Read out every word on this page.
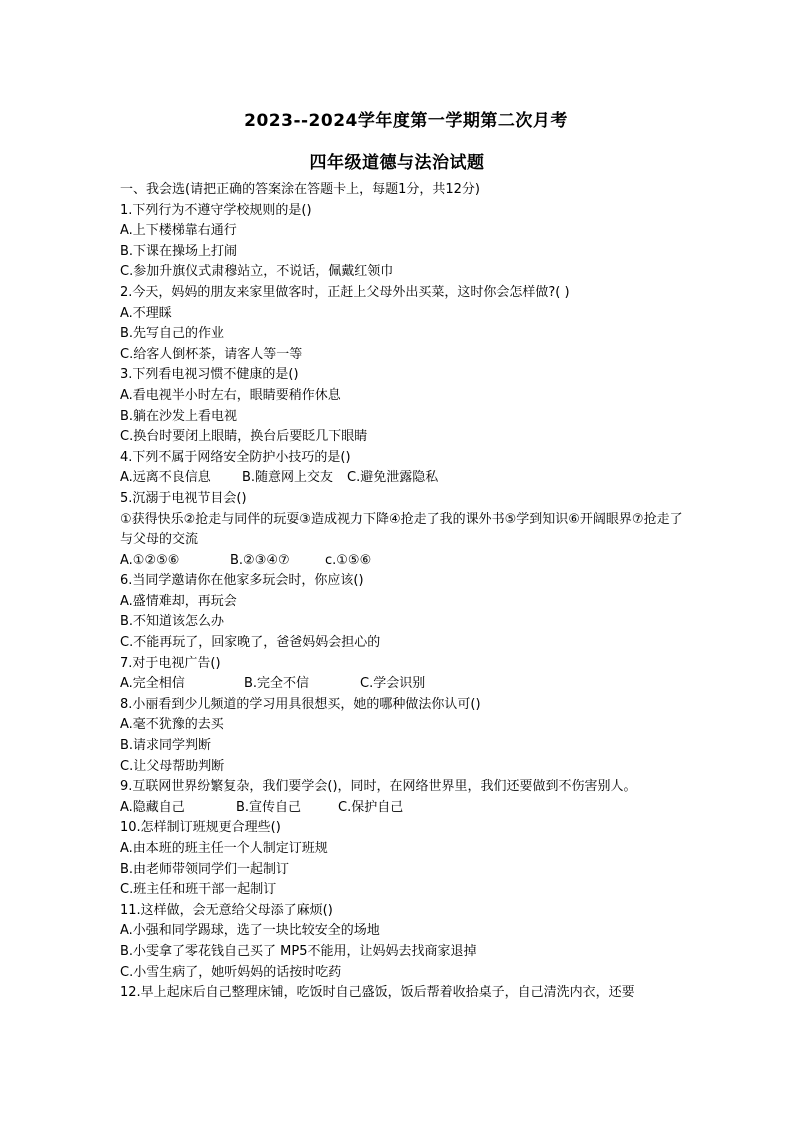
2023--2024学年度第一学期第二次月考
四年级道德与法治试题
一、我会选(请把正确的答案涂在答题卡上，每题1分，共12分)
1.下列行为不遵守学校规则的是()
A.上下楼梯靠右通行
B.下课在操场上打闹
C.参加升旗仪式肃穆站立，不说话，佩戴红领巾
2.今天，妈妈的朋友来家里做客时，正赶上父母外出买菜，这时你会怎样做?( )
A.不理睬
B.先写自己的作业
C.给客人倒杯茶，请客人等一等
3.下列看电视习惯不健康的是()
A.看电视半小时左右，眼睛要稍作休息
B.躺在沙发上看电视
C.换台时要闭上眼睛，换台后要眨几下眼睛
4.下列不属于网络安全防护小技巧的是()
A.远离不良信息 B.随意网上交友 C.避免泄露隐私
5.沉溺于电视节目会()
①获得快乐②抢走与同伴的玩耍③造成视力下降④抢走了我的课外书⑤学到知识⑥开阔眼界⑦抢走了与父母的交流
A.①②⑤⑥	B.②③④⑦	c.①⑤⑥
6.当同学邀请你在他家多玩会时，你应该()
A.盛情难却，再玩会
B.不知道该怎么办
C.不能再玩了，回家晚了，爸爸妈妈会担心的
7.对于电视广告()
A.完全相信	B.完全不信	C.学会识别
8.小丽看到少儿频道的学习用具很想买，她的哪种做法你认可()
A.毫不犹豫的去买
B.请求同学判断
C.让父母帮助判断
9.互联网世界纷繁复杂，我们要学会()，同时，在网络世界里，我们还要做到不伤害别人。
A.隐藏自己	B.宣传自己	C.保护自己
10.怎样制订班规更合理些()
A.由本班的班主任一个人制定订班规
B.由老师带领同学们一起制订
C.班主任和班干部一起制订
11.这样做，会无意给父母添了麻烦()
A.小强和同学踢球，选了一块比较安全的场地
B.小雯拿了零花钱自己买了 MP5不能用，让妈妈去找商家退掉
C.小雪生病了，她听妈妈的话按时吃药
12.早上起床后自己整理床铺，吃饭时自己盛饭，饭后帮着收拾桌子，自己清洗内衣，还要
